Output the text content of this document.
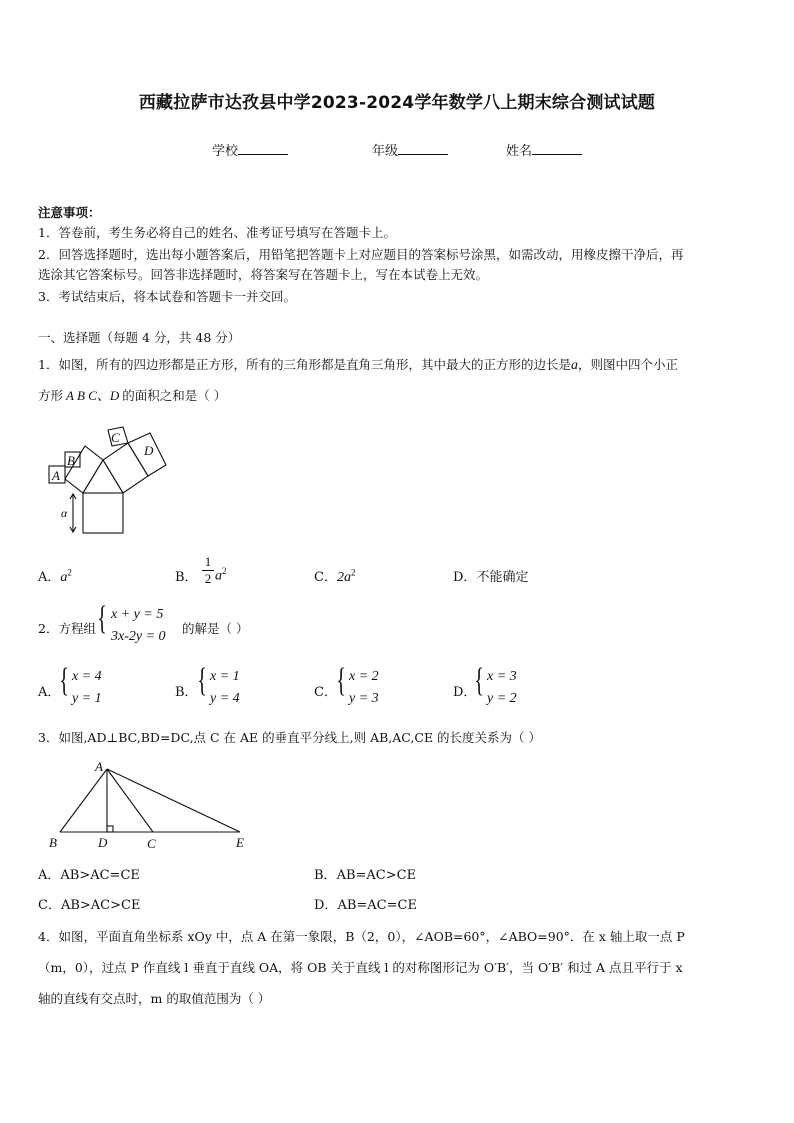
西藏拉萨市达孜县中学2023-2024学年数学八上期末综合测试试题
学校	年级	姓名
注意事项：
1．答卷前，考生务必将自己的姓名、准考证号填写在答题卡上。
2．回答选择题时，选出每小题答案后，用铅笔把答题卡上对应题目的答案标号涂黑，如需改动，用橡皮擦干净后，再
选涂其它答案标号。回答非选择题时，将答案写在答题卡上，写在本试卷上无效。
3．考试结束后，将本试卷和答题卡一并交回。
一、选择题（每题 4 分，共 48 分）
1．如图，所有的四边形都是正方形，所有的三角形都是直角三角形，其中最大的正方形的边长是a，则图中四个小正
方形 A B C、D 的面积之和是（ ）
A
B
C
D
α
A．$a^2$	B． $\frac{1}{2} a^2$	C．$2a^2$	D．不能确定
2．方程组 { x + y = 5
3x-2y = 0
的解是（ ）
A．
{ x = 4
y = 1	B． { x = 1
y = 4	C． { x = 2
y = 3	D．
{ x = 3
y = 2
3．如图,AD⊥BC,BD=DC,点 C 在 AE 的垂直平分线上,则 AB,AC,CE 的长度关系为（ ）
A
B	D	C	E
A．AB>AC=CE	B．AB=AC>CE
C．AB>AC>CE	D．AB=AC=CE
4．如图，平面直角坐标系 xOy 中，点 A 在第一象限，B（2，0），∠AOB=60°，∠ABO=90°．在 x 轴上取一点 P
（m，0），过点 P 作直线 l 垂直于直线 OA，将 OB 关于直线 l 的对称图形记为 O′B′，当 O′B′ 和过 A 点且平行于 x
轴的直线有交点时，m 的取值范围为（ ）
